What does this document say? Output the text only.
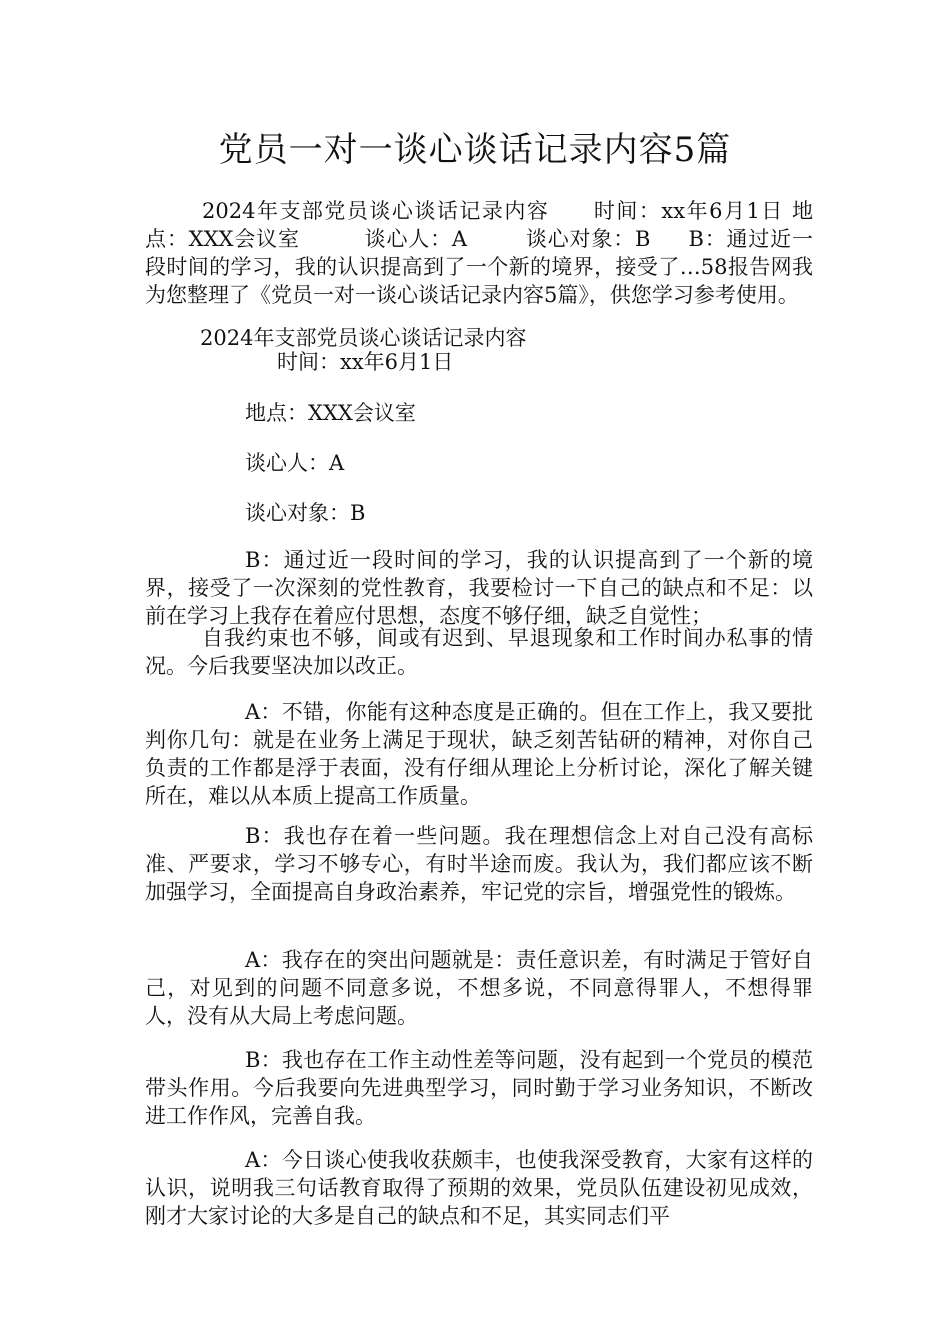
党员一对一谈心谈话记录内容5篇
2024年支部党员谈心谈话记录内容 时间：xx年6月1日 地点：XXX会议室	谈心人：A	谈心对象：B B：通过近一段时间的学习，我的认识提高到了一个新的境界，接受了…58报告网我为您整理了《党员一对一谈心谈话记录内容5篇》，供您学习参考使用。
2024年支部党员谈心谈话记录内容
时间：xx年6月1日
地点：XXX会议室
谈心人：A
谈心对象：B
B：通过近一段时间的学习，我的认识提高到了一个新的境界，接受了一次深刻的党性教育，我要检讨一下自己的缺点和不足：以前在学习上我存在着应付思想，态度不够仔细，缺乏自觉性；
自我约束也不够，间或有迟到、早退现象和工作时间办私事的情况。今后我要坚决加以改正。
A：不错，你能有这种态度是正确的。但在工作上，我又要批判你几句：就是在业务上满足于现状，缺乏刻苦钻研的精神，对你自己负责的工作都是浮于表面，没有仔细从理论上分析讨论，深化了解关键所在，难以从本质上提高工作质量。
B：我也存在着一些问题。我在理想信念上对自己没有高标准、严要求，学习不够专心，有时半途而废。我认为，我们都应该不断加强学习，全面提高自身政治素养，牢记党的宗旨，增强党性的锻炼。
A：我存在的突出问题就是：责任意识差，有时满足于管好自己，对见到的问题不同意多说，不想多说，不同意得罪人，不想得罪人，没有从大局上考虑问题。
B：我也存在工作主动性差等问题，没有起到一个党员的模范带头作用。今后我要向先进典型学习，同时勤于学习业务知识，不断改进工作作风，完善自我。
A：今日谈心使我收获颇丰，也使我深受教育，大家有这样的认识，说明我三句话教育取得了预期的效果，党员队伍建设初见成效，刚才大家讨论的大多是自己的缺点和不足，其实同志们平
